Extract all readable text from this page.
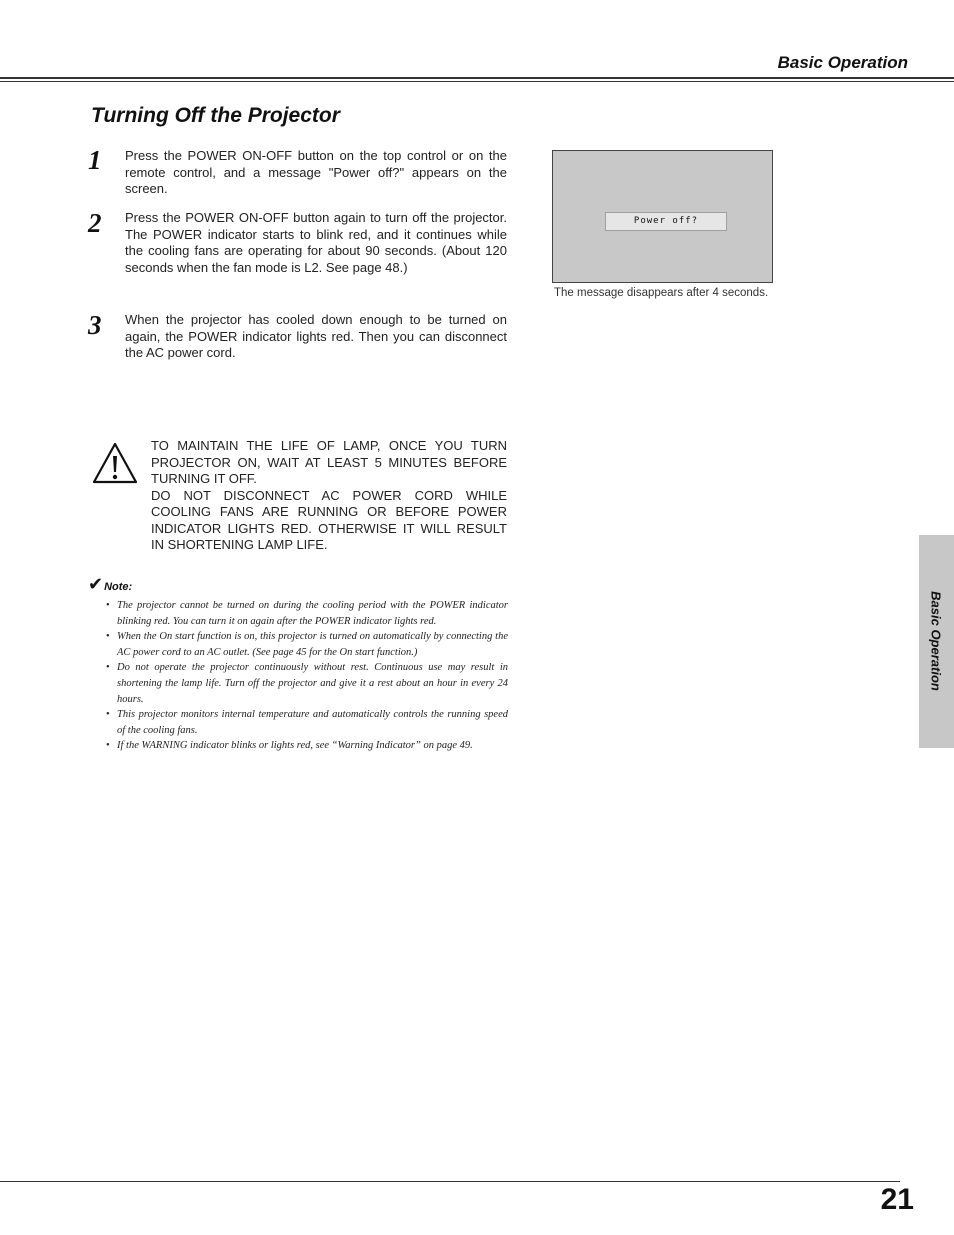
Basic Operation
Turning Off the Projector
1 Press the POWER ON-OFF button on the top control or on the remote control, and a message "Power off?" appears on the screen.
2 Press the POWER ON-OFF button again to turn off the projector. The POWER indicator starts to blink red, and it continues while the cooling fans are operating for about 90 seconds. (About 120 seconds when the fan mode is L2. See page 48.)
3 When the projector has cooled down enough to be turned on again, the POWER indicator lights red. Then you can disconnect the AC power cord.
Power off?
The message disappears after 4 seconds.
TO MAINTAIN THE LIFE OF LAMP, ONCE YOU TURN PROJECTOR ON, WAIT AT LEAST 5 MINUTES BEFORE TURNING IT OFF.
DO NOT DISCONNECT AC POWER CORD WHILE COOLING FANS ARE RUNNING OR BEFORE POWER INDICATOR LIGHTS RED. OTHERWISE IT WILL RESULT IN SHORTENING LAMP LIFE.
✔Note:
• The projector cannot be turned on during the cooling period with the POWER indicator blinking red. You can turn it on again after the POWER indicator lights red.
• When the On start function is on, this projector is turned on automatically by connecting the AC power cord to an AC outlet. (See page 45 for the On start function.)
• Do not operate the projector continuously without rest. Continuous use may result in shortening the lamp life. Turn off the projector and give it a rest about an hour in every 24 hours.
• This projector monitors internal temperature and automatically controls the running speed of the cooling fans.
• If the WARNING indicator blinks or lights red, see “Warning Indicator” on page 49.
Basic Operation
21
